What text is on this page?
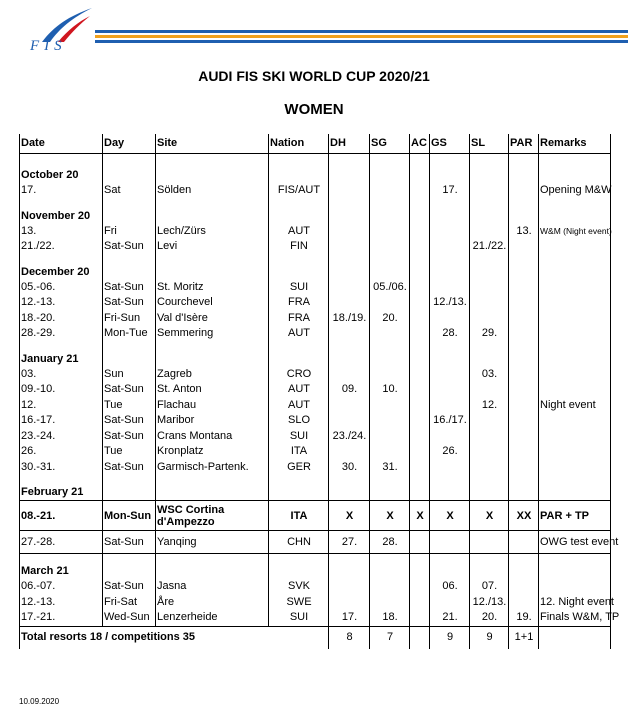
FIS
AUDI FIS SKI WORLD CUP 2020/21
WOMEN
Date	Day	Site	Nation	DH	SG	AC	GS	SL	PAR	Remarks
October 20										
17.	Sat	Sölden	FIS/AUT				17.			Opening M&W
November 20										
13.	Fri	Lech/Zürs	AUT						13.	W&M (Night event)
21./22.	Sat-Sun	Levi	FIN					21./22.		
December 20										
05.-06.	Sat-Sun	St. Moritz	SUI		05./06.					
12.-13.	Sat-Sun	Courchevel	FRA				12./13.			
18.-20.	Fri-Sun	Val d'Isère	FRA	18./19.	20.					
28.-29.	Mon-Tue	Semmering	AUT				28.	29.		
January 21										
03.	Sun	Zagreb	CRO					03.		
09.-10.	Sat-Sun	St. Anton	AUT	09.	10.					
12.	Tue	Flachau	AUT					12.		Night event
16.-17.	Sat-Sun	Maribor	SLO				16./17.			
23.-24.	Sat-Sun	Crans Montana	SUI	23./24.						
26.	Tue	Kronplatz	ITA				26.			
30.-31.	Sat-Sun	Garmisch-Partenk.	GER	30.	31.					
February 21										
08.-21.	Mon-Sun	WSC Cortina d'Ampezzo	ITA	X	X	X	X	X	XX	PAR + TP
27.-28.	Sat-Sun	Yanqing	CHN	27.	28.					OWG test event
March 21										
06.-07.	Sat-Sun	Jasna	SVK				06.	07.		
12.-13.	Fri-Sat	Åre	SWE					12./13.		12. Night event
17.-21.	Wed-Sun	Lenzerheide	SUI	17.	18.		21.	20.	19.	Finals W&M, TP
Total resorts 18 / competitions 35				8	7		9	9	1+1	
10.09.2020
